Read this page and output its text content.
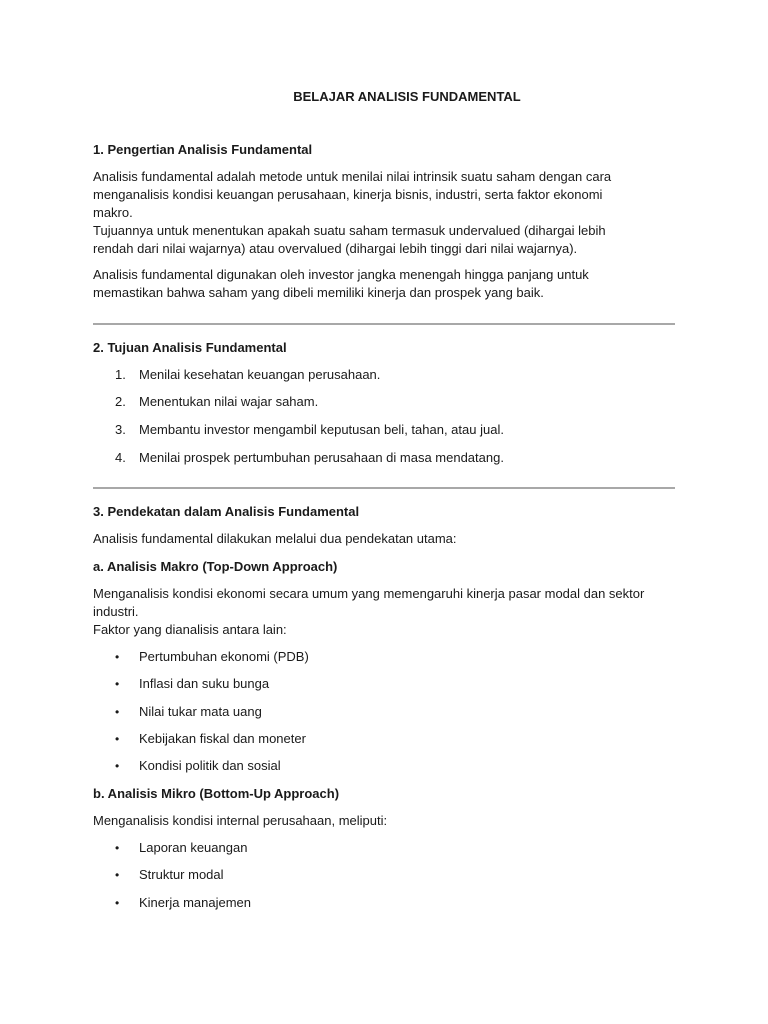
BELAJAR ANALISIS FUNDAMENTAL
1. Pengertian Analisis Fundamental

Analisis fundamental adalah metode untuk menilai nilai intrinsik suatu saham dengan cara

menganalisis kondisi keuangan perusahaan, kinerja bisnis, industri, serta faktor ekonomi

makro.

Tujuannya untuk menentukan apakah suatu saham termasuk undervalued (dihargai lebih

rendah dari nilai wajarnya) atau overvalued (dihargai lebih tinggi dari nilai wajarnya).

Analisis fundamental digunakan oleh investor jangka menengah hingga panjang untuk

memastikan bahwa saham yang dibeli memiliki kinerja dan prospek yang baik.

2. Tujuan Analisis Fundamental
1.	Menilai kesehatan keuangan perusahaan.
2.	Menentukan nilai wajar saham.
3.	Membantu investor mengambil keputusan beli, tahan, atau jual.
4.	Menilai prospek pertumbuhan perusahaan di masa mendatang.
3. Pendekatan dalam Analisis Fundamental
Analisis fundamental dilakukan melalui dua pendekatan utama:
a. Analisis Makro (Top-Down Approach)

Menganalisis kondisi ekonomi secara umum yang memengaruhi kinerja pasar modal dan sektor

industri.

Faktor yang dianalisis antara lain:

•	Pertumbuhan ekonomi (PDB)
•	Inflasi dan suku bunga
•	Nilai tukar mata uang
•	Kebijakan fiskal dan moneter
•	Kondisi politik dan sosial
b. Analisis Mikro (Bottom-Up Approach)
Menganalisis kondisi internal perusahaan, meliputi:
•	Laporan keuangan
•	Struktur modal
•	Kinerja manajemen
